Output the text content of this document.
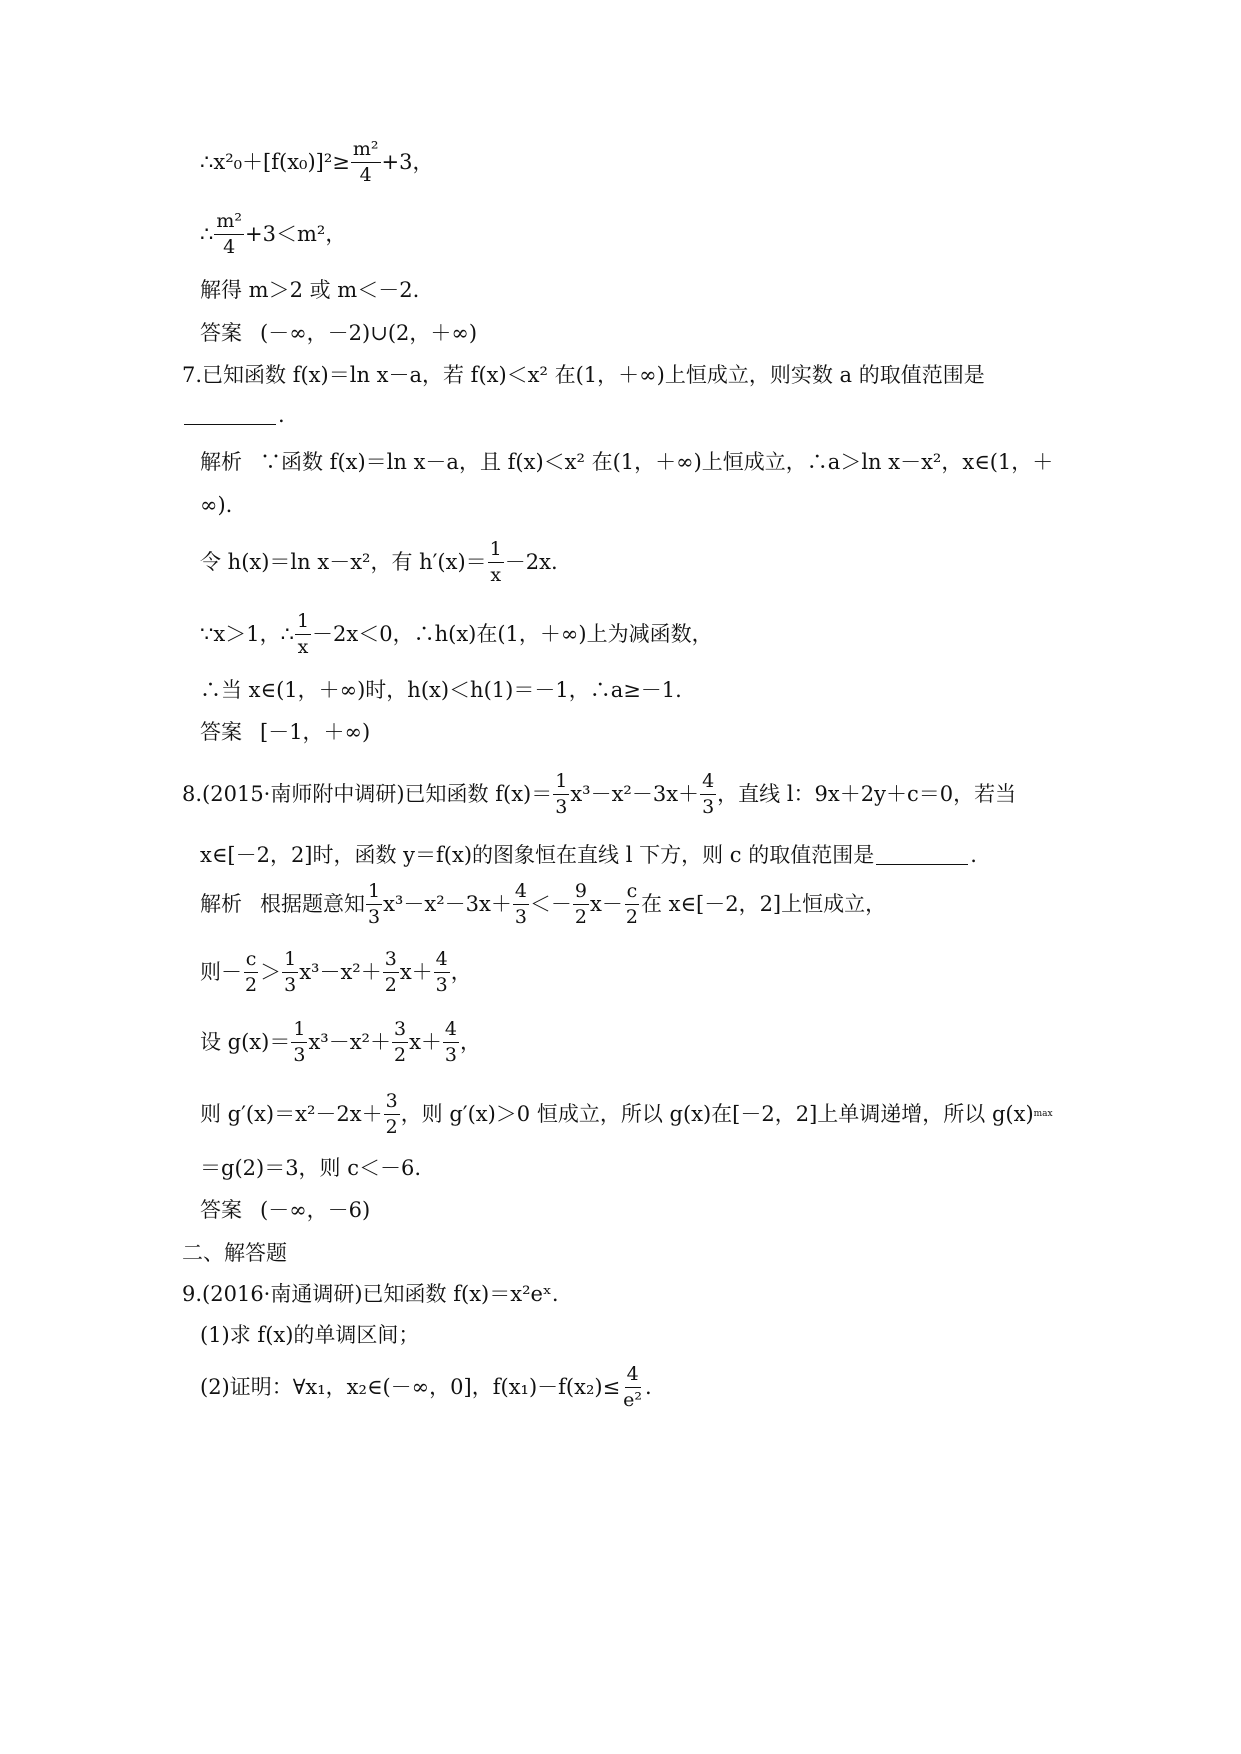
∴ $x^2_0+[f(x_0)]^2\ge \frac{\text{m²}}{4} +3$，
∴ $\frac{\text{m²}}{4} +3< m^2$，
解得 m＞2 或 m＜－2.
答案 (－∞，－2)∪(2，＋∞)
7. 已知函数 f(x)＝ln x－a，若 f(x)＜x² 在(1，＋∞)上恒成立，则实数 a 的取值范围是
.
解析 ∵函数 f(x)＝ln x－a，且 f(x)＜x² 在(1，＋∞)上恒成立，∴a＞ln x－x²，x∈(1，＋
∞).
令 h(x)＝ln x－x²，有 $h'(x)= \frac{1}{x} -2x$.
∵x＞1，∴ $\frac{1}{x} -2x<0$，∴h(x)在(1，＋∞)上为减函数，
∴当 x∈(1，＋∞)时，h(x)＜h(1)＝－1，∴a≥－1.
答案 [－1，＋∞)
8. (2015·南师附中调研)已知函数 $f(x)= \frac{1}{3} x^3-x^2-3x+ \frac{4}{3}$ ，直线 l：9x＋2y＋c＝0，若当
x∈[－2，2]时，函数 y＝f(x)的图象恒在直线 l 下方，则 c 的取值范围是	.
解析 根据题意知 $\frac{1}{3} x^3-x^2-3x+ \frac{4}{3} <- \frac{9}{2} x- \frac{c}{2}$ 在 x∈[－2，2]上恒成立，
则－ $\frac{c}{2} > \frac{1}{3} x^3-x^2+ \frac{3}{2} x+ \frac{4}{3}$ ，
设 $g(x)= \frac{1}{3} x^3-x^2+ \frac{3}{2} x+ \frac{4}{3}$ ，
则 $g'(x)=x^2-2x+ \frac{3}{2}$ ，则 g′(x)＞0 恒成立，所以 g(x)在[－2，2]上单调递增，所以 g(x) max
＝g(2)＝3，则 c＜－6.
答案 (－∞，－6)
二、解答题
9. (2016·南通调研)已知函数 f(x)＝x²eˣ.
(1)求 f(x)的单调区间；
(2)证明：∀x₁，x₂∈(－∞，0]，$f(x_1)-f(x_2)\le \frac{4}{\text{e²}}$ .
